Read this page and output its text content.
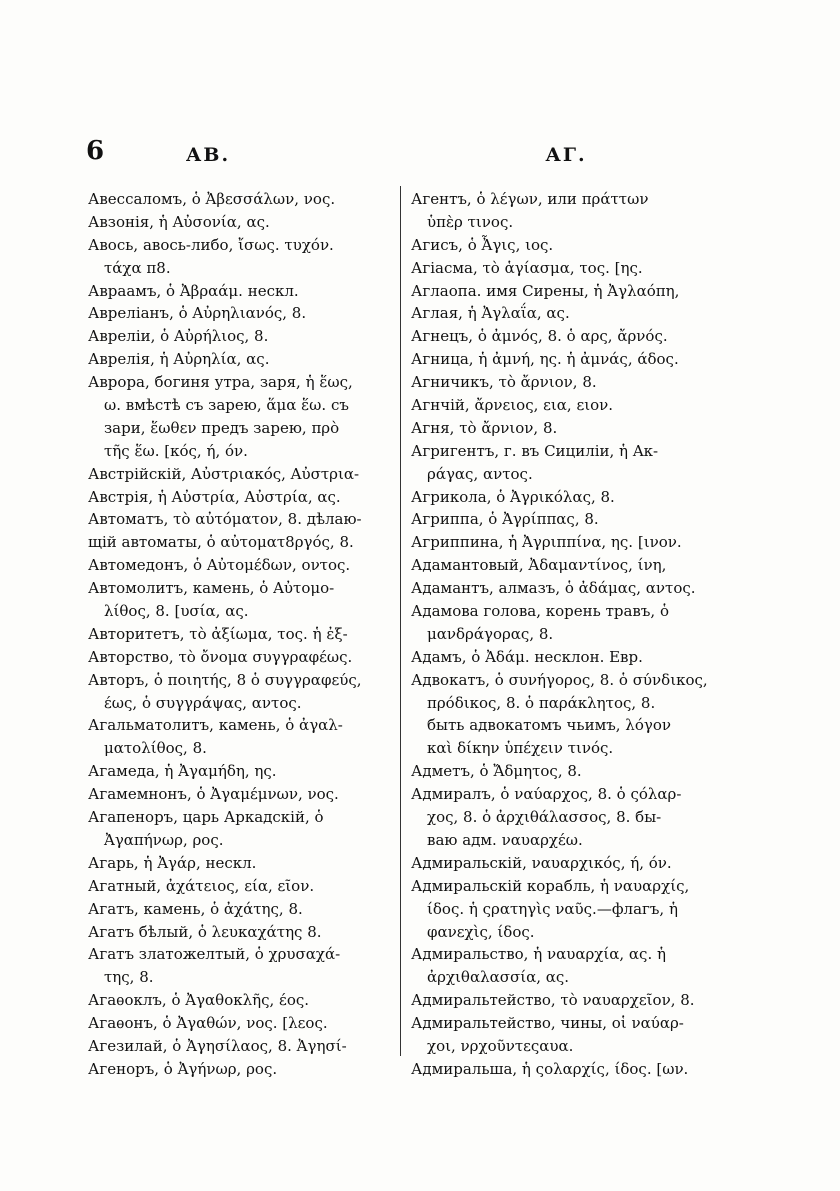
6	АВ.	АГ.
Авессаломъ, ὁ Ἀβεσσάλων, νος.
Авзонія, ἡ Αὐσονία, ας.
Авось, авось-либо, ἴσως. τυχόν.
τάχα π8.
Авраамъ, ὁ Ἀβραάμ. нескл.
Авреліанъ, ὁ Αὐρηλιανός, 8.
Авреліи, ὁ Αὐρήλιος, 8.
Аврелія, ἡ Αὐρηλία, ας.
Аврора, богиня утра, заря, ἡ ἕως,
ω. вмѣстѣ съ зарею, ἅμα ἕω. съ
зари, ἕωθεν предъ зарею, πρὸ
τῆς ἕω. [κός, ή, όν.
Австрійскій, Αὐστριακός, Αὐστρια-
Австрія, ἡ Αὐστρία, Αὐστρία, ας.
Автоматъ, τὸ αὐτόματον, 8. дѣлаю-
щій автоматы, ὁ αὐτοματ8ργός, 8.
Автомедонъ, ὁ Αὐτομέδων, οντος.
Автомолитъ, камень, ὁ Αὐτομο-
λίθος, 8. [υσία, ας.
Авторитетъ, τὸ ἀξίωμα, τος. ἡ ἐξ-
Авторство, τὸ ὄνομα συγγραφέως.
Авторъ, ὁ ποιητής, 8 ὁ συγγραφεύς,
έως, ὁ συγγράψας, αντος.
Агальматолитъ, камень, ὁ ἀγαλ-
ματολίθος, 8.
Агамеда, ἡ Ἀγαμήδη, ης.
Агамемнонъ, ὁ Ἀγαμέμνων, νος.
Агапеноръ, царь Аркадскій, ὁ
Ἀγαπήνωρ, ρος.
Агарь, ἡ Ἀγάρ, нескл.
Агатный, ἀχάτειος, εία, εῖον.
Агатъ, камень, ὁ ἀχάτης, 8.
Агатъ бѣлый, ὁ λευκαχάτης 8.
Агатъ златожелтый, ὁ χρυσαχά-
της, 8.
Агаѳоклъ, ὁ Ἀγαθοκλῆς, έος.
Агаѳонъ, ὁ Ἀγαθών, νος. [λεος.
Агезилай, ὁ Ἀγησίλαος, 8. Ἀγησί-
Агеноръ, ὁ Ἀγήνωρ, ρος.
Агентъ, ὁ λέγων, или πράττων
ὑπὲρ τινος.
Агисъ, ὁ Ἆγις, ιος.
Агіасма, τὸ ἁγίασμα, τος. [ης.
Аглаопа. имя Сирены, ἡ Ἀγλαόπη,
Аглая, ἡ Ἀγλαΐα, ας.
Агнецъ, ὁ ἀμνός, 8. ὁ αρς, ἄρνός.
Агница, ἡ ἀμνή, ης. ἡ ἀμνάς, άδος.
Агничикъ, τὸ ἄρνιον, 8.
Агнчій, ἄρνειος, εια, ειον.
Агня, τὸ ἄρνιον, 8.
Агригентъ, г. въ Сициліи, ἡ Ακ-
ράγας, αντος.
Агрикола, ὁ Ἀγρικόλας, 8.
Агриппа, ὁ Ἀγρίππας, 8.
Агриппина, ἡ Ἀγριππίνα, ης. [ινον.
Адамантовый, Ἀδαμαντίνος, ίνη,
Адамантъ, алмазъ, ὁ ἀδάμας, αντος.
Адамова голова, корень травъ, ὁ
μανδράγορας, 8.
Адамъ, ὁ Ἀδάμ. несклон. Евр.
Адвокатъ, ὁ συνήγορος, 8. ὁ σύνδικος,
πρόδικος, 8. ὁ παράκλητος, 8.
быть адвокатомъ чьимъ, λόγον
καὶ δίκην ὑπέχειν τινός.
Адметъ, ὁ Ἄδμητος, 8.
Адмиралъ, ὁ ναύαρχος, 8. ὁ ςόλαρ-
χος, 8. ὁ ἀρχιθάλασσος, 8. бы-
ваю адм. ναυαρχέω.
Адмиральскій, ναυαρχικός, ή, όν.
Адмиральскій корабль, ἡ ναυαρχίς,
ίδος. ἡ ςρατηγὶς ναῦς.—флагъ, ἡ
φανεχὶς, ίδος.
Адмиральство, ἡ ναυαρχία, ας. ἡ
ἀρχιθαλασσία, ας.
Адмиральтейство, τὸ ναυαρχεῖον, 8.
Адмиральтейство, чины, οἱ ναύαρ-
χοι, νρχοῦντεςαυα.
Адмиральша, ἡ ςολαρχίς, ίδος. [ων.
